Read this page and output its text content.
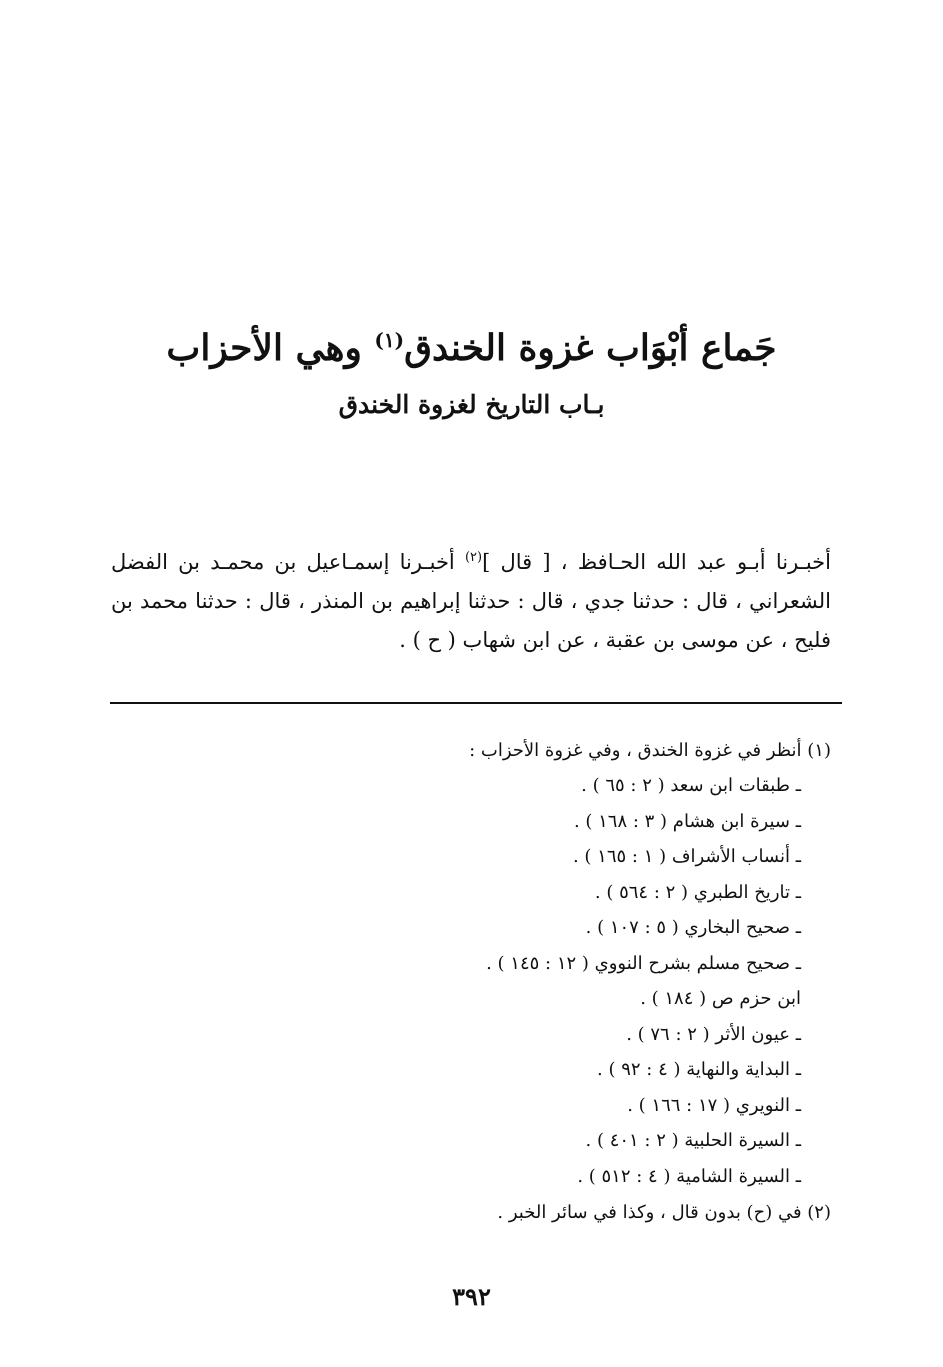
جَماع أبْوَاب غزوة الخندق$^{(١)}$ وهي الأحزاب
بـاب التاريخ لغزوة الخندق

أخبـرنا أبـو عبد الله الحـافظ ، [ قال ]$^{(٢)}$ أخبـرنا إسمـاعيل بن محمـد بن الفضل الشعراني ، قال : حدثنا جدي ، قال : حدثنا إبراهيم بن المنذر ، قال : حدثنا محمد بن فليح ، عن موسى بن عقبة ، عن ابن شهاب ( ح ) .

(١) أنظر في غزوة الخندق ، وفي غزوة الأحزاب :

ـ طبقات ابن سعد ( ٢ : ٦٥ ) .
ـ سيرة ابن هشام ( ٣ : ١٦٨ ) .
ـ أنساب الأشراف ( ١ : ١٦٥ ) .
ـ تاريخ الطبري ( ٢ : ٥٦٤ ) .
ـ صحيح البخاري ( ٥ : ١٠٧ ) .
ـ صحيح مسلم بشرح النووي ( ١٢ : ١٤٥ ) .
ابن حزم ص ( ١٨٤ ) .
ـ عيون الأثر ( ٢ : ٧٦ ) .
ـ البداية والنهاية ( ٤ : ٩٢ ) .
ـ النويري ( ١٧ : ١٦٦ ) .
ـ السيرة الحلبية ( ٢ : ٤٠١ ) .
ـ السيرة الشامية ( ٤ : ٥١٢ ) .

(٢) في (ح) بدون قال ، وكذا في سائر الخبر .

٣٩٢
